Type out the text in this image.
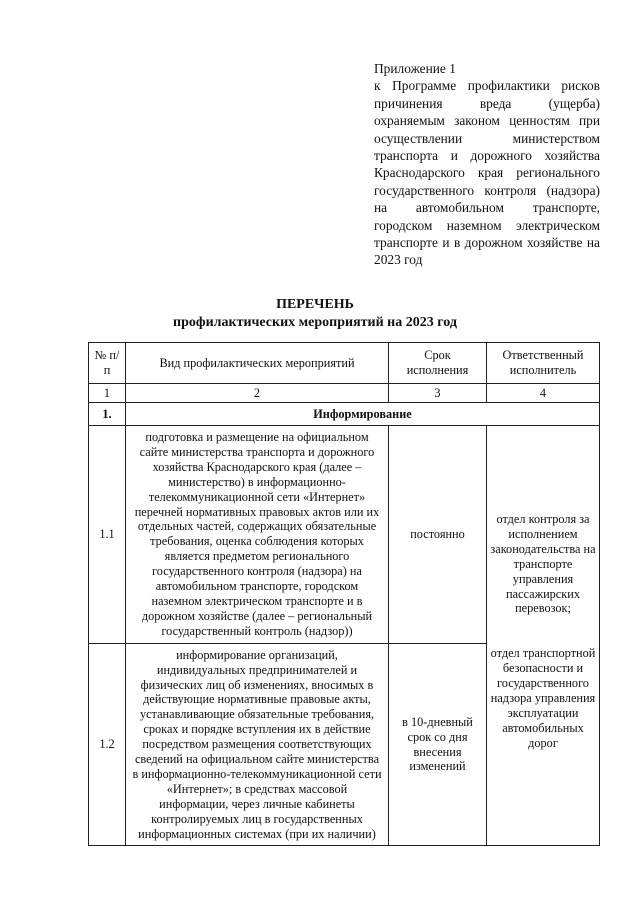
Приложение 1
к Программе профилактики рисков причинения вреда (ущерба) охраняемым законом ценностям при осуществлении министерством транспорта и дорожного хозяйства Краснодарского края регионального государственного контроля (надзора) на автомобильном транспорте, городском наземном электрическом транспорте и в дорожном хозяйстве на 2023 год
ПЕРЕЧЕНЬ
профилактических мероприятий на 2023 год
№ п/п	Вид профилактических мероприятий	Срок исполнения	Ответственный исполнитель
1	2	3	4
1.	Информирование		
1.1	подготовка и размещение на официальном сайте министерства транспорта и дорожного хозяйства Краснодарского края (далее – министерство) в информационно-телекоммуникационной сети «Интернет» перечней нормативных правовых актов или их отдельных частей, содержащих обязательные требования, оценка соблюдения которых является предметом регионального государственного контроля (надзора) на автомобильном транспорте, городском наземном электрическом транспорте и в дорожном хозяйстве (далее – региональный государственный контроль (надзор))	постоянно	отдел контроля за исполнением законодательства на транспорте управления пассажирских перевозок;
отдел транспортной безопасности и государственного надзора управления эксплуатации автомобильных дорог

1.2	информирование организаций, индивидуальных предпринимателей и физических лиц об изменениях, вносимых в действующие нормативные правовые акты, устанавливающие обязательные требования, сроках и порядке вступления их в действие посредством размещения соответствующих сведений на официальном сайте министерства в информационно-телекоммуникационной сети «Интернет»; в средствах массовой информации, через личные кабинеты контролируемых лиц в государственных информационных системах (при их наличии)	в 10-дневный срок со дня внесения изменений	
